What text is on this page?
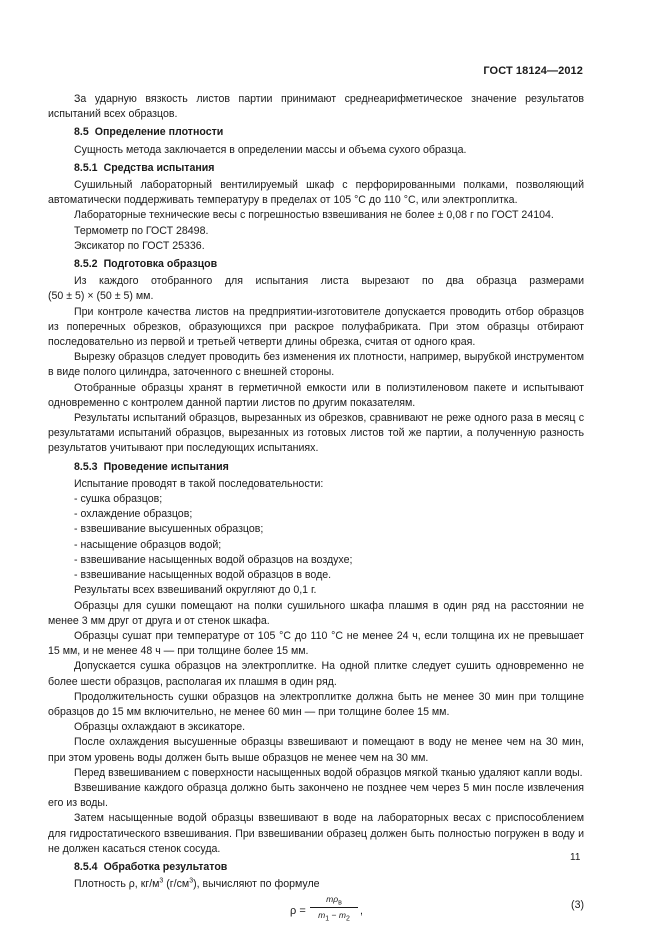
ГОСТ 18124—2012

За ударную вязкость листов партии принимают среднеарифметическое значение результатов испытаний всех образцов.

8.5 Определение плотности

Сущность метода заключается в определении массы и объема сухого образца.

8.5.1 Средства испытания

Сушильный лабораторный вентилируемый шкаф с перфорированными полками, позволяющий автоматически поддерживать температуру в пределах от 105 °С до 110 °С, или электроплитка.

Лабораторные технические весы с погрешностью взвешивания не более ± 0,08 г по ГОСТ 24104.

Термометр по ГОСТ 28498.

Эксикатор по ГОСТ 25336.

8.5.2 Подготовка образцов

Из каждого отобранного для испытания листа вырезают по два образца размерами

(50 ± 5) × (50 ± 5) мм.

При контроле качества листов на предприятии-изготовителе допускается проводить отбор образцов из поперечных обрезков, образующихся при раскрое полуфабриката. При этом образцы отбирают последовательно из первой и третьей четверти длины обрезка, считая от одного края.

Вырезку образцов следует проводить без изменения их плотности, например, вырубкой инструментом в виде полого цилиндра, заточенного с внешней стороны.

Отобранные образцы хранят в герметичной емкости или в полиэтиленовом пакете и испытывают одновременно с контролем данной партии листов по другим показателям.

Результаты испытаний образцов, вырезанных из обрезков, сравнивают не реже одного раза в месяц с результатами испытаний образцов, вырезанных из готовых листов той же партии, а полученную разность результатов учитывают при последующих испытаниях.

8.5.3 Проведение испытания

Испытание проводят в такой последовательности:

- сушка образцов;
- охлаждение образцов;
- взвешивание высушенных образцов;
- насыщение образцов водой;
- взвешивание насыщенных водой образцов на воздухе;
- взвешивание насыщенных водой образцов в воде.

Результаты всех взвешиваний округляют до 0,1 г.

Образцы для сушки помещают на полки сушильного шкафа плашмя в один ряд на расстоянии не менее 3 мм друг от друга и от стенок шкафа.

Образцы сушат при температуре от 105 °С до 110 °С не менее 24 ч, если толщина их не превышает 15 мм, и не менее 48 ч — при толщине более 15 мм.

Допускается сушка образцов на электроплитке. На одной плитке следует сушить одновременно не более шести образцов, располагая их плашмя в один ряд.

Продолжительность сушки образцов на электроплитке должна быть не менее 30 мин при толщине образцов до 15 мм включительно, не менее 60 мин — при толщине более 15 мм.

Образцы охлаждают в эксикаторе.

После охлаждения высушенные образцы взвешивают и помещают в воду не менее чем на 30 мин, при этом уровень воды должен быть выше образцов не менее чем на 30 мм.

Перед взвешиванием с поверхности насыщенных водой образцов мягкой тканью удаляют капли воды.

Взвешивание каждого образца должно быть закончено не позднее чем через 5 мин после извлечения его из воды.

Затем насыщенные водой образцы взвешивают в воде на лабораторных весах с приспособлением для гидростатического взвешивания. При взвешивании образец должен быть полностью погружен в воду и не должен касаться стенок сосуда.

8.5.4 Обработка результатов

Плотность ρ, $кг/м^3$ $(г/см^3)$, вычисляют по формуле

ρ =
$m\rho_в$
$m_1 - m_2$
,	(3)
11
